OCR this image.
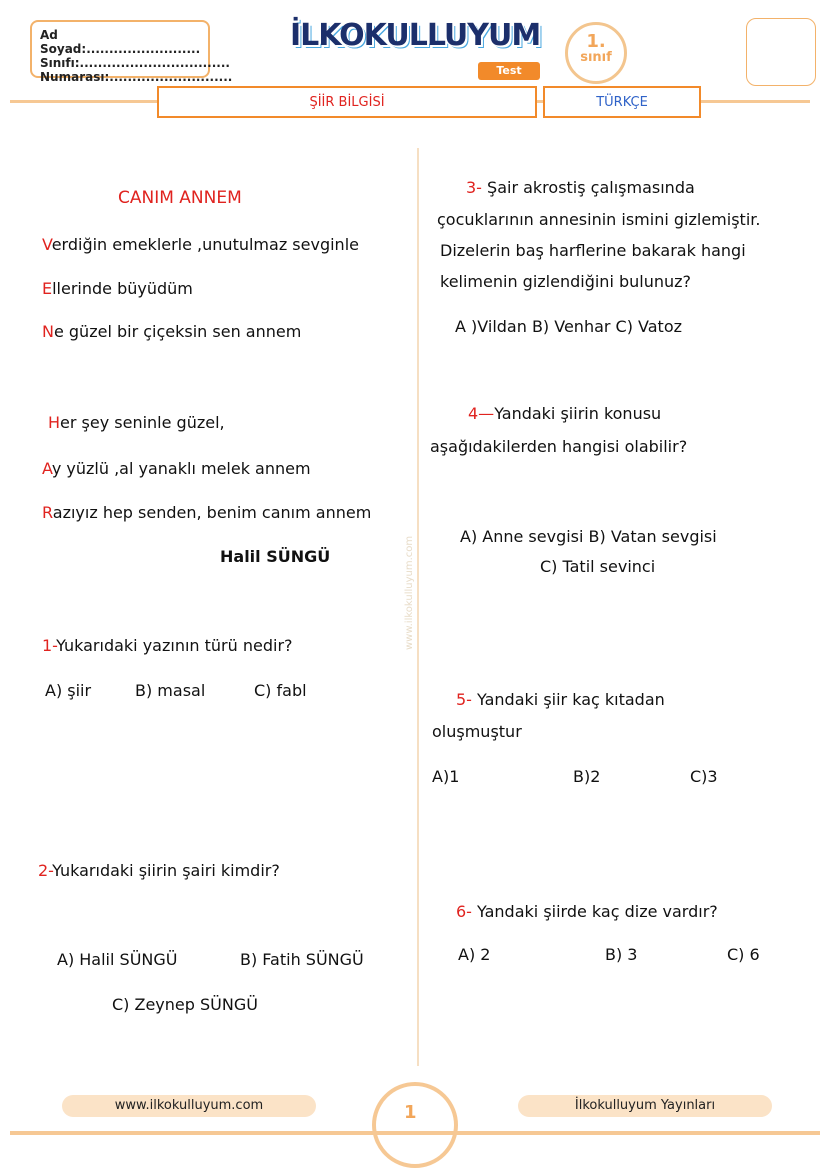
Ad Soyad:.........................
Sınıfı:.................................
Numarası:...........................
İLKOKULLUYUM
Test
1.
sınıf
ŞİİR BİLGİSİ	TÜRKÇE
www.ilkokulluyum.com
CANIM ANNEM
Verdiğin emeklerle ,unutulmaz sevginle
Ellerinde büyüdüm
Ne güzel bir çiçeksin sen annem
Her şey seninle güzel,
Ay yüzlü ,al yanaklı melek annem
Razıyız hep senden, benim canım annem
Halil SÜNGÜ
1-Yukarıdaki yazının türü nedir?
A) şiir	B) masal	C) fabl
2-Yukarıdaki şiirin şairi kimdir?
A) Halil SÜNGÜ	B) Fatih SÜNGÜ
C) Zeynep SÜNGÜ
3- Şair akrostiş çalışmasında
çocuklarının annesinin ismini gizlemiştir.
Dizelerin baş harflerine bakarak hangi
kelimenin gizlendiğini bulunuz?
A )Vildan B) Venhar C) Vatoz
4—Yandaki şiirin konusu
aşağıdakilerden hangisi olabilir?
A) Anne sevgisi B) Vatan sevgisi
C) Tatil sevinci
5- Yandaki şiir kaç kıtadan
oluşmuştur
A)1	B)2	C)3
6- Yandaki şiirde kaç dize vardır?
A) 2	B) 3	C) 6
www.ilkokulluyum.com	1	İlkokulluyum Yayınları
